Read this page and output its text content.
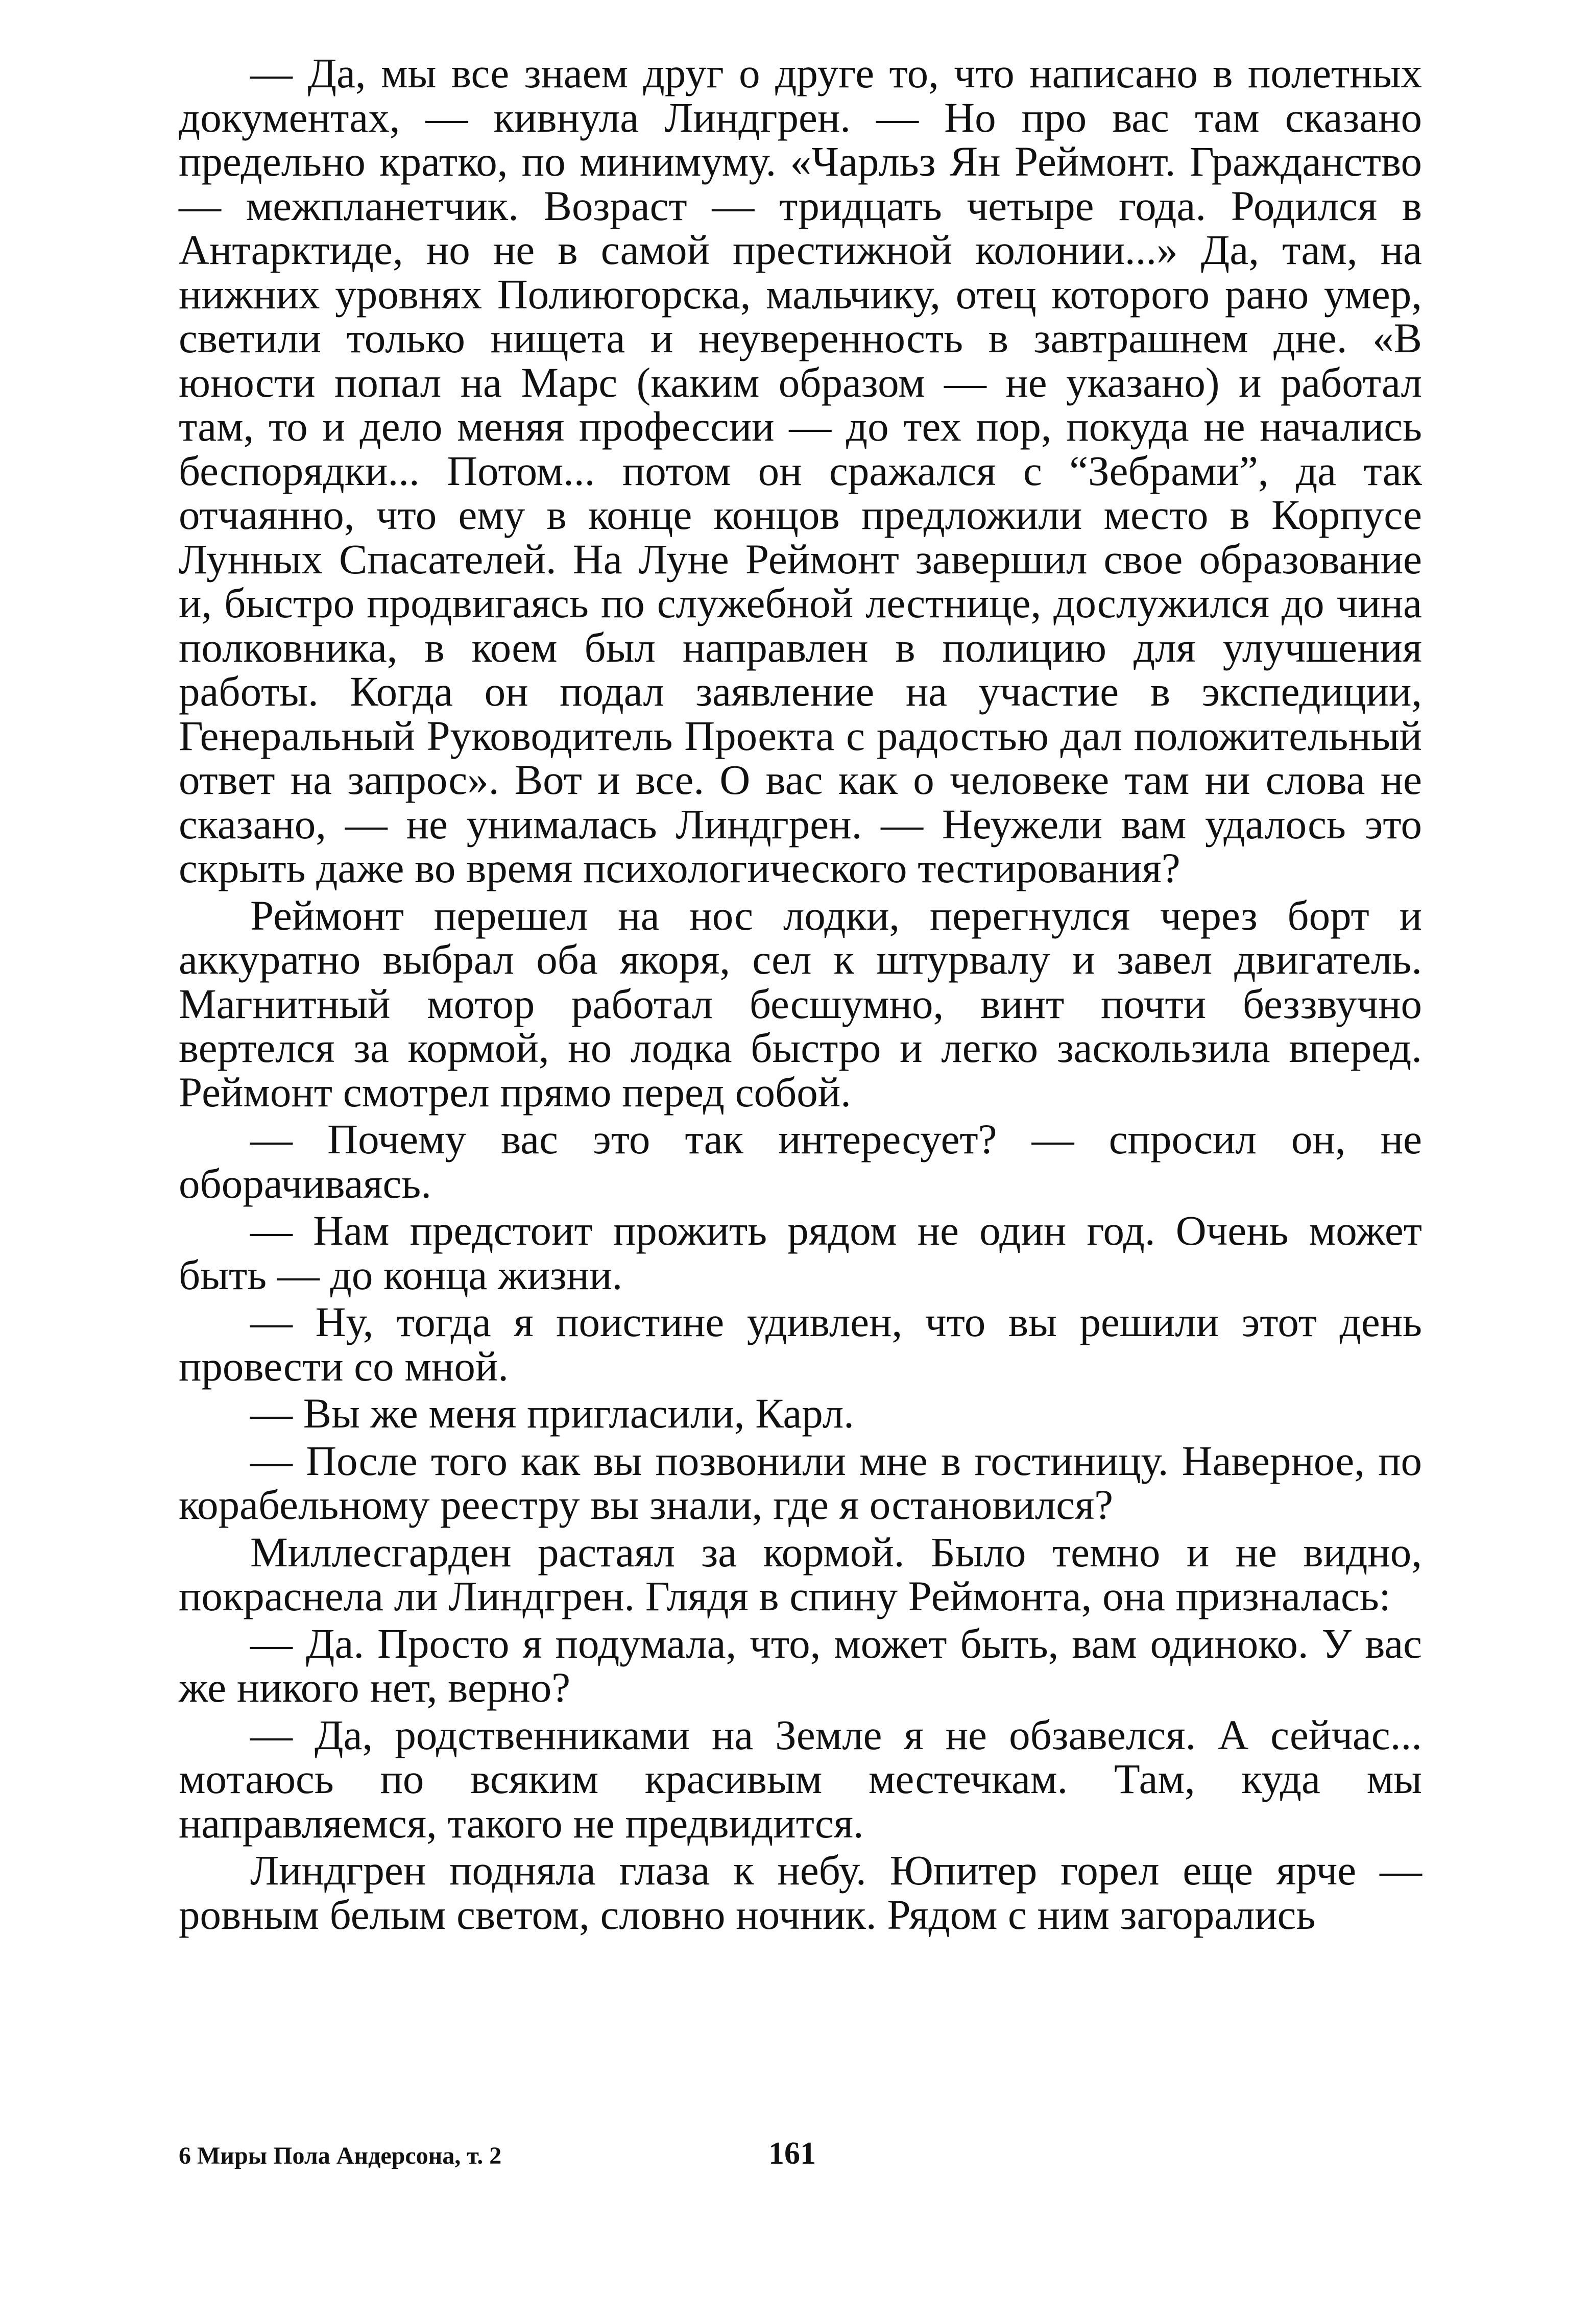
— Да, мы все знаем друг о друге то, что написано в полетных документах, — кивнула Линдгрен. — Но про вас там сказано предельно кратко, по минимуму. «Чарльз Ян Реймонт. Гражданство — межпланетчик. Возраст — тридцать четыре года. Родился в Антарктиде, но не в самой престижной колонии...» Да, там, на нижних уровнях Полиюгорска, мальчику, отец которого рано умер, светили только нищета и неуверенность в завтрашнем дне. «В юности попал на Марс (каким образом — не указано) и работал там, то и дело меняя профессии — до тех пор, покуда не начались беспорядки... Потом... потом он сражался с “Зебрами”, да так отчаянно, что ему в конце концов предложили место в Корпусе Лунных Спасателей. На Луне Реймонт завершил свое образование и, быстро продвигаясь по служебной лестнице, дослужился до чина полковника, в коем был направлен в полицию для улучшения работы. Когда он подал заявление на участие в экспедиции, Генеральный Руководитель Проекта с радостью дал положительный ответ на запрос». Вот и все. О вас как о человеке там ни слова не сказано, — не унималась Линдгрен. — Неужели вам удалось это скрыть даже во время психологического тестирования?

Реймонт перешел на нос лодки, перегнулся через борт и аккуратно выбрал оба якоря, сел к штурвалу и завел двигатель. Магнитный мотор работал бесшумно, винт почти беззвучно вертелся за кормой, но лодка быстро и легко заскользила вперед. Реймонт смотрел прямо перед собой.

— Почему вас это так интересует? — спросил он, не оборачиваясь.

— Нам предстоит прожить рядом не один год. Очень может быть — до конца жизни.

— Ну, тогда я поистине удивлен, что вы решили этот день провести со мной.

— Вы же меня пригласили, Карл.

— После того как вы позвонили мне в гостиницу. Наверное, по корабельному реестру вы знали, где я остановился?

Миллесгарден растаял за кормой. Было темно и не видно, покраснела ли Линдгрен. Глядя в спину Реймонта, она призналась:

— Да. Просто я подумала, что, может быть, вам одиноко. У вас же никого нет, верно?

— Да, родственниками на Земле я не обзавелся. А сейчас... мотаюсь по всяким красивым местечкам. Там, куда мы направляемся, такого не предвидится.

Линдгрен подняла глаза к небу. Юпитер горел еще ярче — ровным белым светом, словно ночник. Рядом с ним загорались

6 Миры Пола Андерсона, т. 2	161
